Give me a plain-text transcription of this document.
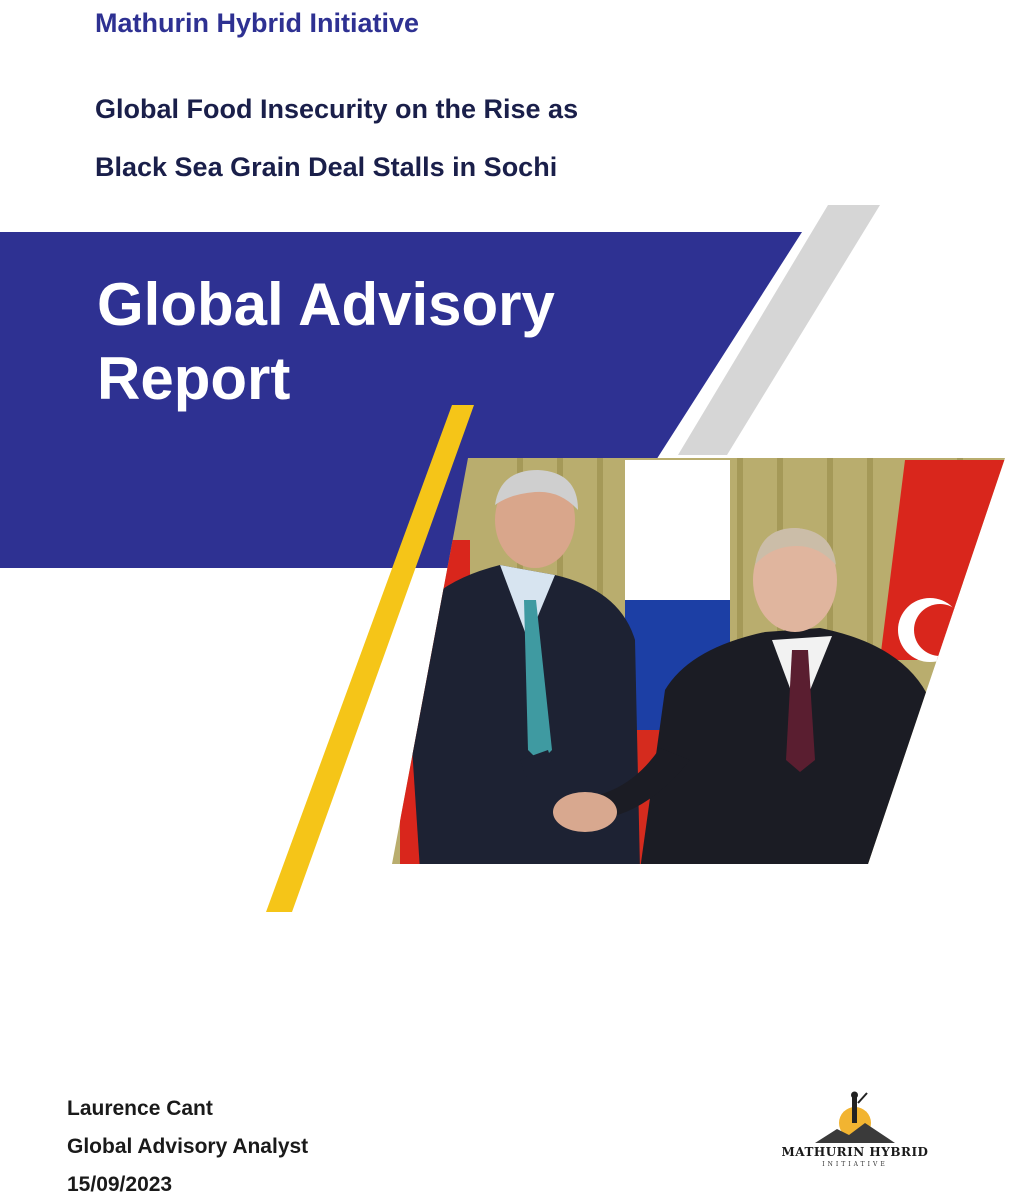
Mathurin Hybrid Initiative
Global Food Insecurity on the Rise as
Black Sea Grain Deal Stalls in Sochi
Global Advisory
Report
Laurence Cant
Global Advisory Analyst
15/09/2023

MATHURIN HYBRID

INITIATIVE
